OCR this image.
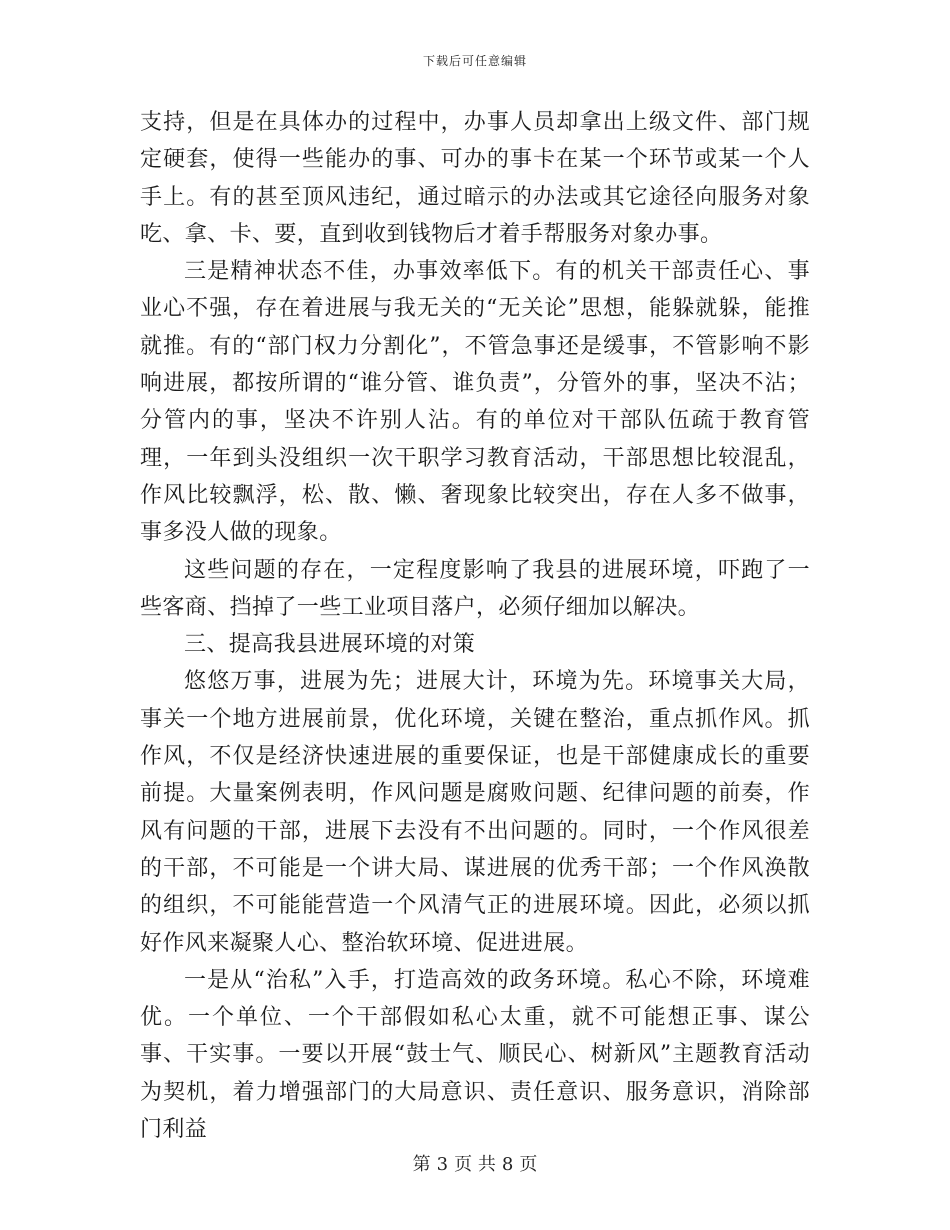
下载后可任意编辑

支持，但是在具体办的过程中，办事人员却拿出上级文件、部门规定硬套，使得一些能办的事、可办的事卡在某一个环节或某一个人手上。有的甚至顶风违纪，通过暗示的办法或其它途径向服务对象吃、拿、卡、要，直到收到钱物后才着手帮服务对象办事。

三是精神状态不佳，办事效率低下。有的机关干部责任心、事业心不强，存在着进展与我无关的“无关论”思想，能躲就躲，能推就推。有的“部门权力分割化”，不管急事还是缓事，不管影响不影响进展，都按所谓的“谁分管、谁负责”，分管外的事，坚决不沾；分管内的事，坚决不许别人沾。有的单位对干部队伍疏于教育管理，一年到头没组织一次干职学习教育活动，干部思想比较混乱，作风比较飘浮，松、散、懒、奢现象比较突出，存在人多不做事，事多没人做的现象。

这些问题的存在，一定程度影响了我县的进展环境，吓跑了一些客商、挡掉了一些工业项目落户，必须仔细加以解决。

三、提高我县进展环境的对策

悠悠万事，进展为先；进展大计，环境为先。环境事关大局，事关一个地方进展前景，优化环境，关键在整治，重点抓作风。抓作风，不仅是经济快速进展的重要保证，也是干部健康成长的重要前提。大量案例表明，作风问题是腐败问题、纪律问题的前奏，作风有问题的干部，进展下去没有不出问题的。同时，一个作风很差的干部，不可能是一个讲大局、谋进展的优秀干部；一个作风涣散的组织，不可能能营造一个风清气正的进展环境。因此，必须以抓好作风来凝聚人心、整治软环境、促进进展。

一是从“治私”入手，打造高效的政务环境。私心不除，环境难优。一个单位、一个干部假如私心太重，就不可能想正事、谋公事、干实事。一要以开展“鼓士气、顺民心、树新风”主题教育活动为契机，着力增强部门的大局意识、责任意识、服务意识，消除部门利益

第 3 页 共 8 页
